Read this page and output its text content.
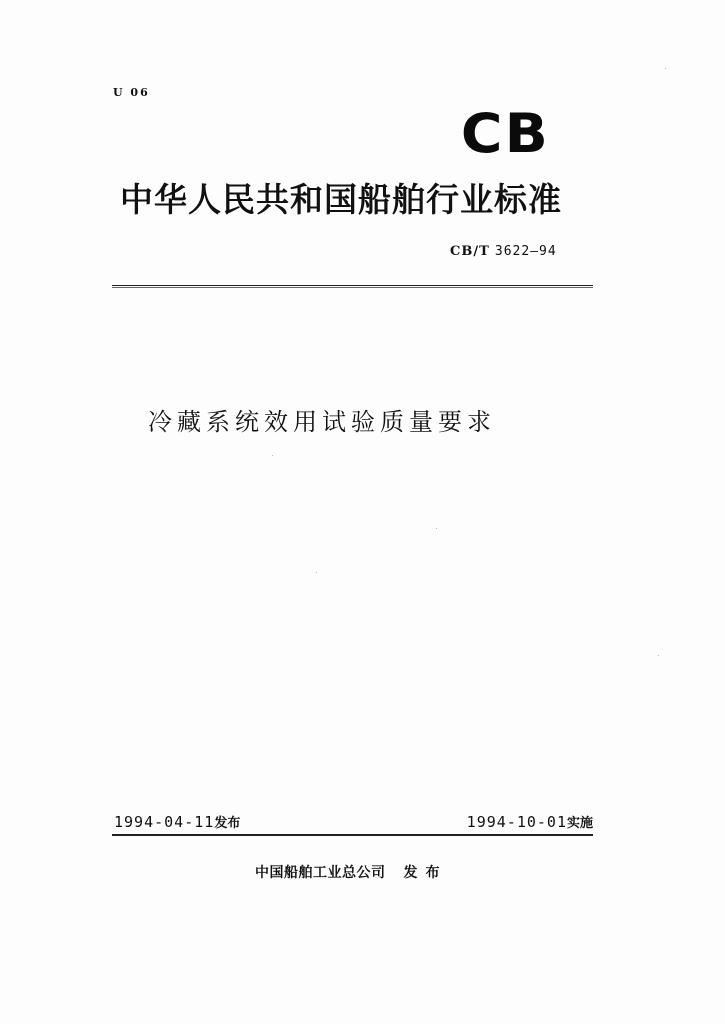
U 06
CB
中华人民共和国船舶行业标准
CB/T 3622—94
冷藏系统效用试验质量要求
1994-04-11发布	1994-10-01实施
中国船舶工业总公司 发布
